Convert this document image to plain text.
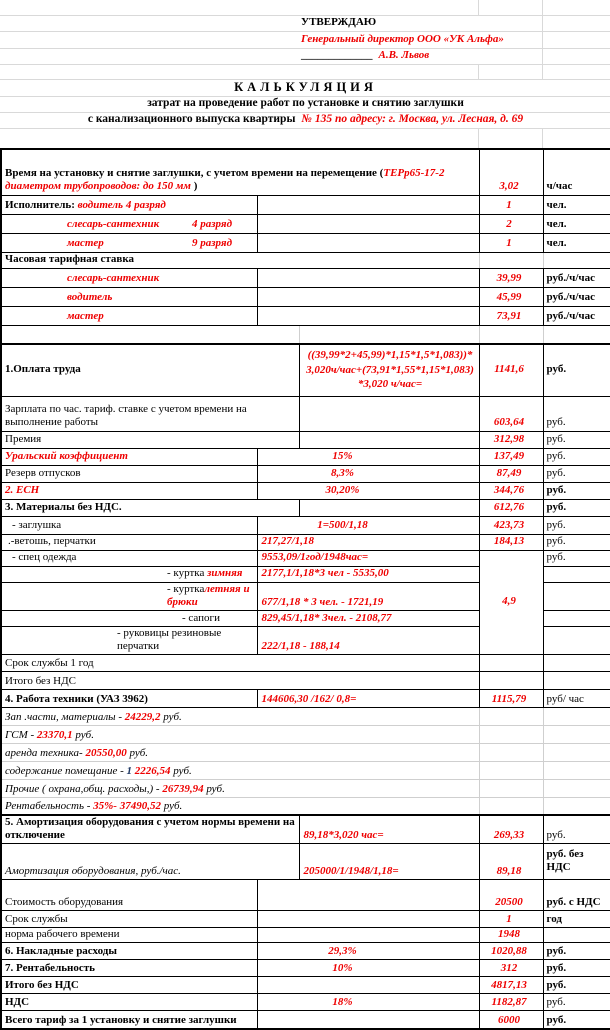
	УТВЕРЖДАЮ		
	Генеральный директор ООО «УК Альфа»		
	_____________ А.В. Львов		

КАЛЬКУЛЯЦИЯ			
затрат на проведение работ по установке и снятию заглушки			
с канализационного выпуска квартиры № 135 по адресу: г. Москва, ул. Лесная, д. 69			

Время на установку и снятие заглушки, с учетом времени на перемещение (ТЕРр65-17-2
диаметром трубопроводов: до 150 мм )			3,02	ч/час
Исполнитель: водитель 4 разряд			1	чел.
слесарь-сантехник 4 разряд			2	чел.
мастер 9 разряд			1	чел.
Часовая тарифная ставка				
слесарь-сантехник			39,99	руб./ч/час
водитель			45,99	руб./ч/час
мастер			73,91	руб./ч/час

1.Оплата труда		((39,99*2+45,99)*1,15*1,5*1,083))*3,020ч/час+(73,91*1,55*1,15*1,083)*3,020 ч/час=	1141,6	руб.
Зарплата по час. тариф. ставке с учетом времени на выполнение работы			603,64	руб.
Премия			312,98	руб.
Уральский коэффициент	15%		137,49	руб.
Резерв отпусков	8,3%		87,49	руб.
2. ЕСН	30,20%		344,76	руб.
3. Материалы без НДС.			612,76	руб.
- заглушка	1=500/1,18		423,73	руб.
.-ветошь, перчатки	217,27/1,18		184,13	руб.
- спец одежда	9553,09/1год/1948час=		4,9	руб.
- куртка зимняя	2177,1/1,18*3 чел - 5535,00			
- курткалетняя и брюки	677/1,18 * 3 чел. - 1721,19			
- сапоги	829,45/1,18* 3чел. - 2108,77			
- руковицы резиновые перчатки	222/1,18 - 188,14			
Срок службы 1 год				
Итого без НДС				
4. Работа техники (УАЗ 3962)	144606,30 /162/ 0,8=		1115,79	руб/ час
Зап .части, материалы - 24229,2 руб.				
ГСМ - 23370,1 руб.				
аренда техника- 20550,00 руб.				
содержание помещание - 1 2226,54 руб.				
Прочие ( охрана,общ. расходы,) - 26739,94 руб.				
Рентабельность - 35%- 37490,52 руб.				
5. Амортизация оборудования с учетом нормы времени на отключение		89,18*3,020 час=	269,33	руб.
Амортизация оборудования, руб./час.		205000/1/1948/1,18=	89,18	руб. без НДС
Стоимость оборудования			20500	руб. с НДС
Срок службы			1	год
норма рабочего времени			1948	
6. Накладные расходы	29,3%		1020,88	руб.
7. Рентабельность	10%		312	руб.
Итого без НДС			4817,13	руб.
НДС	18%		1182,87	руб.
Всего тариф за 1 установку и снятие заглушки			6000	руб.
